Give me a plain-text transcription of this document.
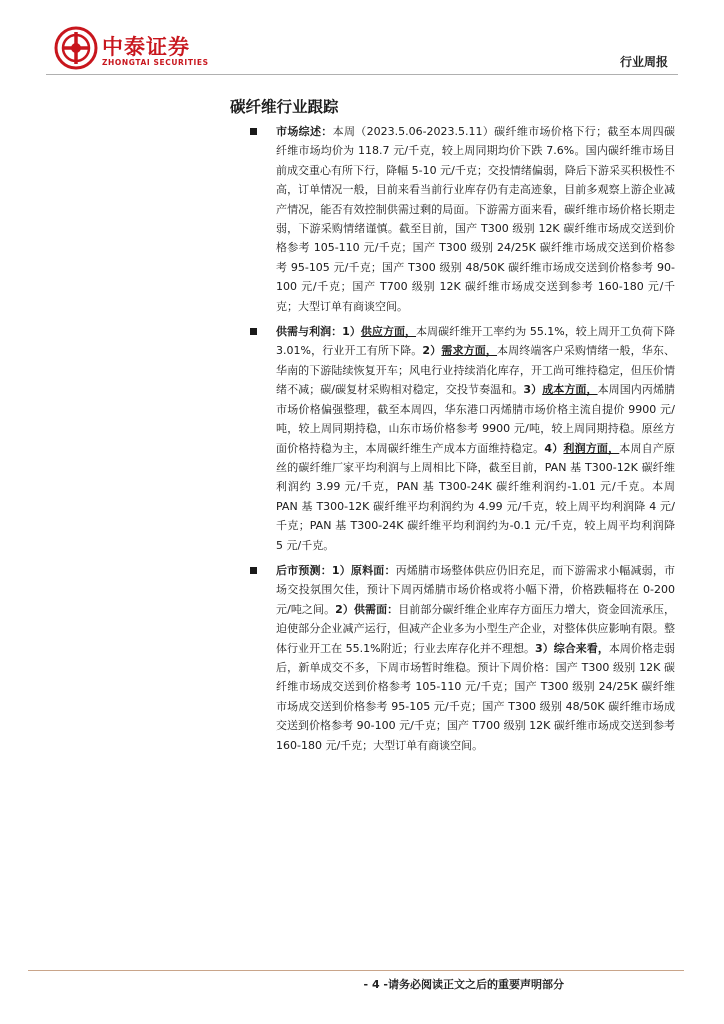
中泰证券
ZHONGTAI SECURITIES	行业周报
碳纤维行业跟踪
市场综述：本周（2023.5.06-2023.5.11）碳纤维市场价格下行；截至本周四碳纤维市场均价为 118.7 元/千克，较上周同期均价下跌 7.6%。国内碳纤维市场目前成交重心有所下行，降幅 5-10 元/千克；交投情绪偏弱，降后下游采买积极性不高，订单情况一般，目前来看当前行业库存仍有走高迹象，目前多观察上游企业减产情况，能否有效控制供需过剩的局面。下游需方面来看，碳纤维市场价格长期走弱，下游采购情绪谨慎。截至目前，国产 T300 级别 12K 碳纤维市场成交送到价格参考 105-110 元/千克；国产 T300 级别 24/25K 碳纤维市场成交送到价格参考 95-105 元/千克；国产 T300 级别 48/50K 碳纤维市场成交送到价格参考 90-100 元/千克；国产 T700 级别 12K 碳纤维市场成交送到参考 160-180 元/千克；大型订单有商谈空间。
供需与利润：1）供应方面，本周碳纤维开工率约为 55.1%，较上周开工负荷下降 3.01%，行业开工有所下降。2）需求方面，本周终端客户采购情绪一般，华东、华南的下游陆续恢复开车；风电行业持续消化库存，开工尚可维持稳定，但压价情绪不减；碳/碳复材采购相对稳定，交投节奏温和。3）成本方面，本周国内丙烯腈市场价格偏强整理，截至本周四，华东港口丙烯腈市场价格主流自提价 9900 元/吨，较上周同期持稳，山东市场价格参考 9900 元/吨，较上周同期持稳。原丝方面价格持稳为主，本周碳纤维生产成本方面维持稳定。4）利润方面，本周自产原丝的碳纤维厂家平均利润与上周相比下降，截至目前，PAN 基 T300-12K 碳纤维利润约 3.99 元/千克，PAN 基 T300-24K 碳纤维利润约-1.01 元/千克。本周 PAN 基 T300-12K 碳纤维平均利润约为 4.99 元/千克，较上周平均利润降 4 元/千克；PAN 基 T300-24K 碳纤维平均利润约为-0.1 元/千克，较上周平均利润降 5 元/千克。
后市预测：1）原料面：丙烯腈市场整体供应仍旧充足，而下游需求小幅减弱，市场交投氛围欠佳，预计下周丙烯腈市场价格或将小幅下滑，价格跌幅将在 0-200 元/吨之间。2）供需面：目前部分碳纤维企业库存方面压力增大，资金回流承压，迫使部分企业减产运行，但减产企业多为小型生产企业，对整体供应影响有限。整体行业开工在 55.1%附近；行业去库存化并不理想。3）综合来看，本周价格走弱后，新单成交不多，下周市场暂时维稳。预计下周价格：国产 T300 级别 12K 碳纤维市场成交送到价格参考 105-110 元/千克；国产 T300 级别 24/25K 碳纤维市场成交送到价格参考 95-105 元/千克；国产 T300 级别 48/50K 碳纤维市场成交送到价格参考 90-100 元/千克；国产 T700 级别 12K 碳纤维市场成交送到参考 160-180 元/千克；大型订单有商谈空间。
- 4 -请务必阅读正文之后的重要声明部分
